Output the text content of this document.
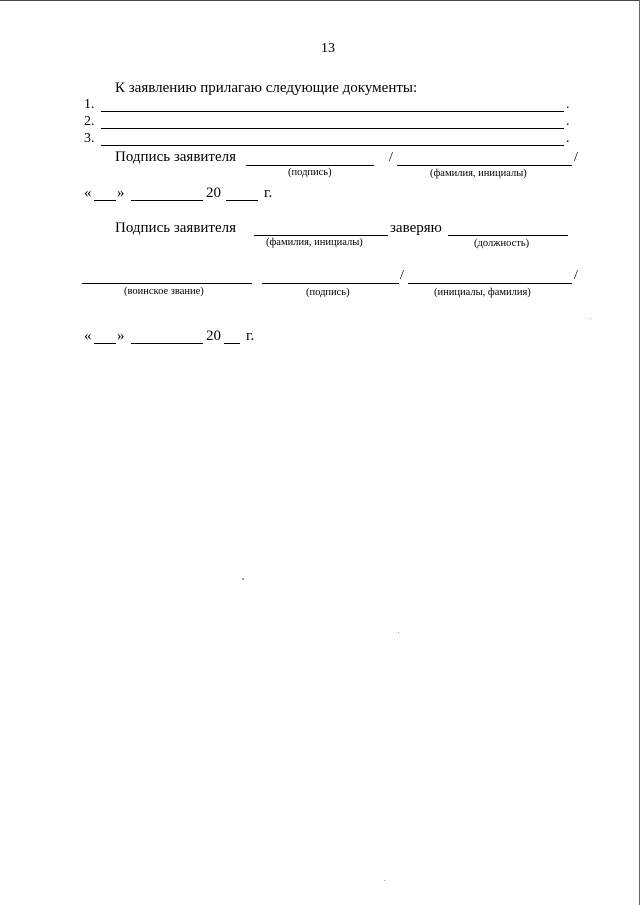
13
К заявлению прилагаю следующие документы:
1.	.
2.	.
3.	.
Подпись заявителя	/	/
(подпись)	(фамилия, инициалы)
« »	20	г.
Подпись заявителя	заверяю
(фамилия, инициалы)	(должность)
/	/
(воинское звание)	(подпись)	(инициалы, фамилия)
« »	20 г.
